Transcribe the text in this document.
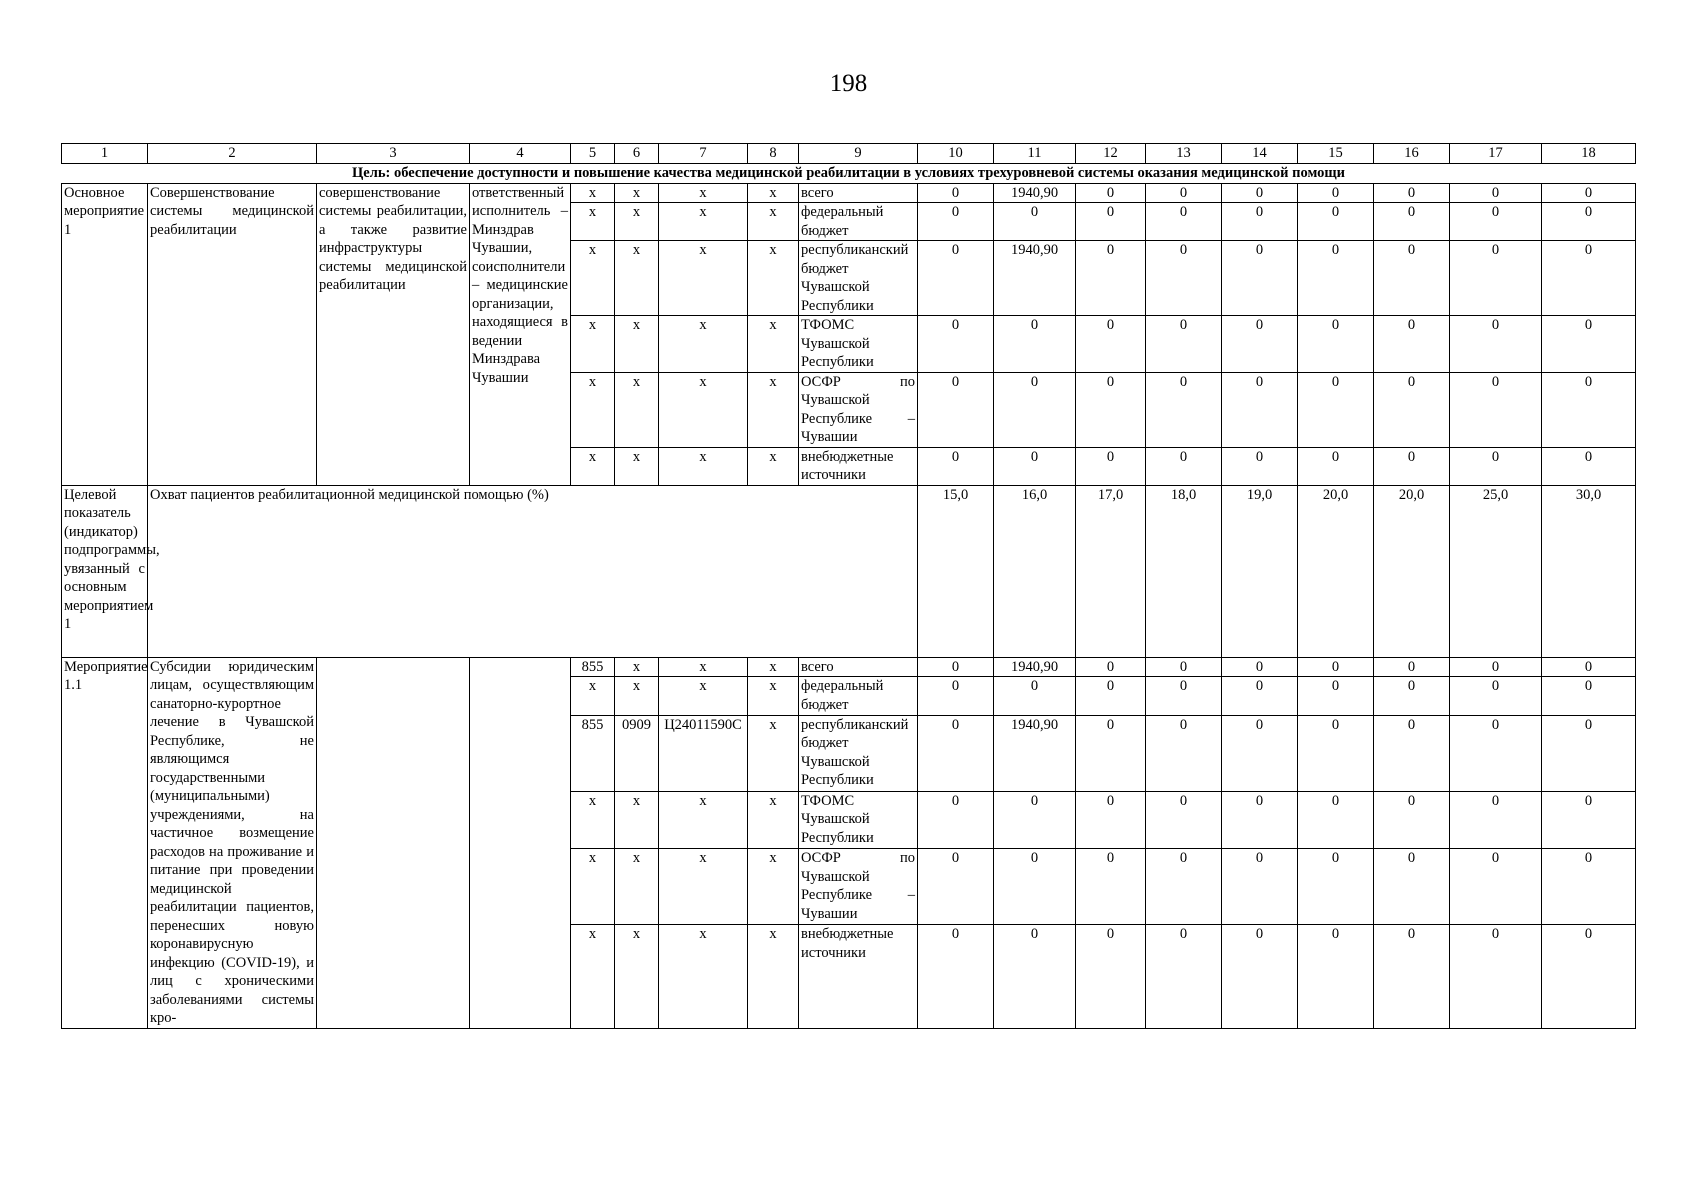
198
1	2	3	4	5	6	7	8	9	10	11	12	13	14	15	16	17	18
Цель: обеспечение доступности и повышение качества медицинской реабилитации в условиях трехуровневой системы оказания медицинской помощи																	
Основное мероприятие 1	Совершенствование системы медицинской реабилитации	совершенствование системы реабилитации, а также развитие инфраструктуры системы медицинской реабилитации	ответственный исполнитель – Минздрав Чувашии, соисполнители – медицинские организации, находящиеся в ведении Минздрава Чувашии	x	x	x	x	всего	0	1940,90	0	0	0	0	0	0	0
				x	x	x	x	федеральный бюджет	0	0	0	0	0	0	0	0	0
				x	x	x	x	республиканский бюджет Чувашской Республики	0	1940,90	0	0	0	0	0	0	0
				x	x	x	x	ТФОМС Чувашской Республики	0	0	0	0	0	0	0	0	0
				x	x	x	x	ОСФР по Чувашской Республике – Чувашии	0	0	0	0	0	0	0	0	0
				x	x	x	x	внебюджетные источники	0	0	0	0	0	0	0	0	0
Целевой показатель (индикатор) подпрограммы, увязанный с основным мероприятием 1	Охват пациентов реабилитационной медицинской помощью (%)								15,0	16,0	17,0	18,0	19,0	20,0	20,0	25,0	30,0
Мероприятие 1.1	Субсидии юридическим лицам, осуществляющим санаторно-курортное лечение в Чувашской Республике, не являющимся государственными (муниципальными) учреждениями, на частичное возмещение расходов на проживание и питание при проведении медицинской реабилитации пациентов, перенесших новую коронавирусную инфекцию (COVID-19), и лиц с хроническими заболеваниями системы кро-			855	x	x	x	всего	0	1940,90	0	0	0	0	0	0	0
				x	x	x	x	федеральный бюджет	0	0	0	0	0	0	0	0	0
				855	0909	Ц24011590С	x	республиканский бюджет Чувашской Республики	0	1940,90	0	0	0	0	0	0	0
				x	x	x	x	ТФОМС Чувашской Республики	0	0	0	0	0	0	0	0	0
				x	x	x	x	ОСФР по Чувашской Республике – Чувашии	0	0	0	0	0	0	0	0	0
				x	x	x	x	внебюджетные источники	0	0	0	0	0	0	0	0	0
